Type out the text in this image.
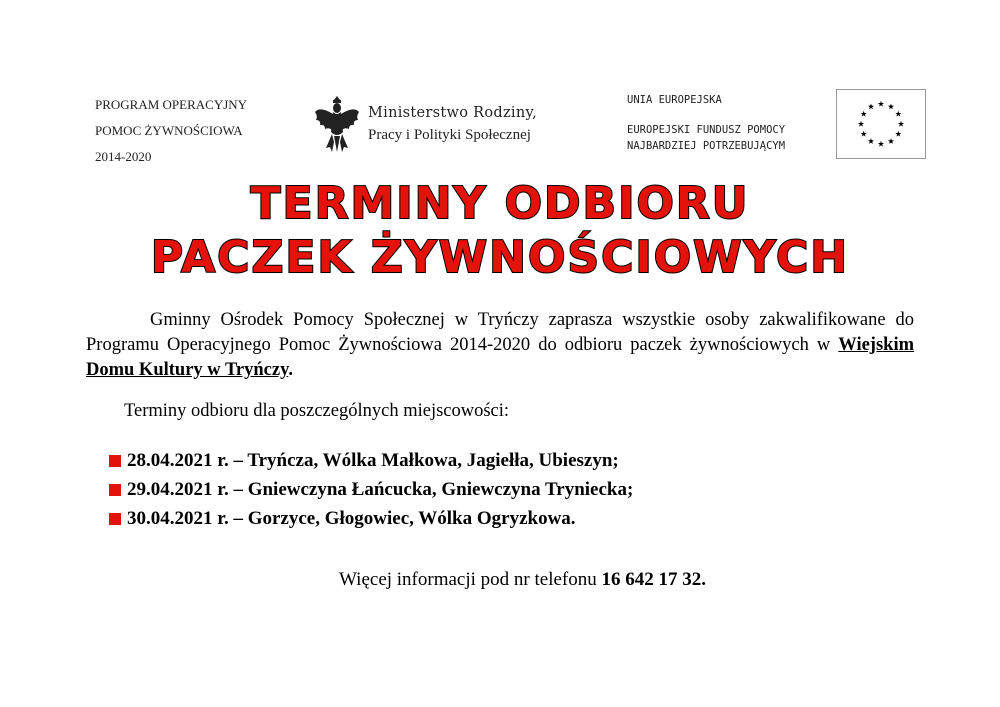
PROGRAM OPERACYJNY
POMOC ŻYWNOŚCIOWA
2014-2020
Ministerstwo Rodziny,
Pracy i Polityki Społecznej
UNIA EUROPEJSKA
EUROPEJSKI FUNDUSZ POMOCY
NAJBARDZIEJ POTRZEBUJĄCYM
TERMINY ODBIORU
PACZEK ŻYWNOŚCIOWYCH
Gminny Ośrodek Pomocy Społecznej w Tryńczy zaprasza wszystkie osoby zakwalifikowane do Programu Operacyjnego Pomoc Żywnościowa 2014-2020 do odbioru paczek żywnościowych w Wiejskim Domu Kultury w Tryńczy.
Terminy odbioru dla poszczególnych miejscowości:
28.04.2021 r. – Tryńcza, Wólka Małkowa, Jagiełła, Ubieszyn;
29.04.2021 r. – Gniewczyna Łańcucka, Gniewczyna Tryniecka;
30.04.2021 r. – Gorzyce, Głogowiec, Wólka Ogryzkowa.
Więcej informacji pod nr telefonu 16 642 17 32.
